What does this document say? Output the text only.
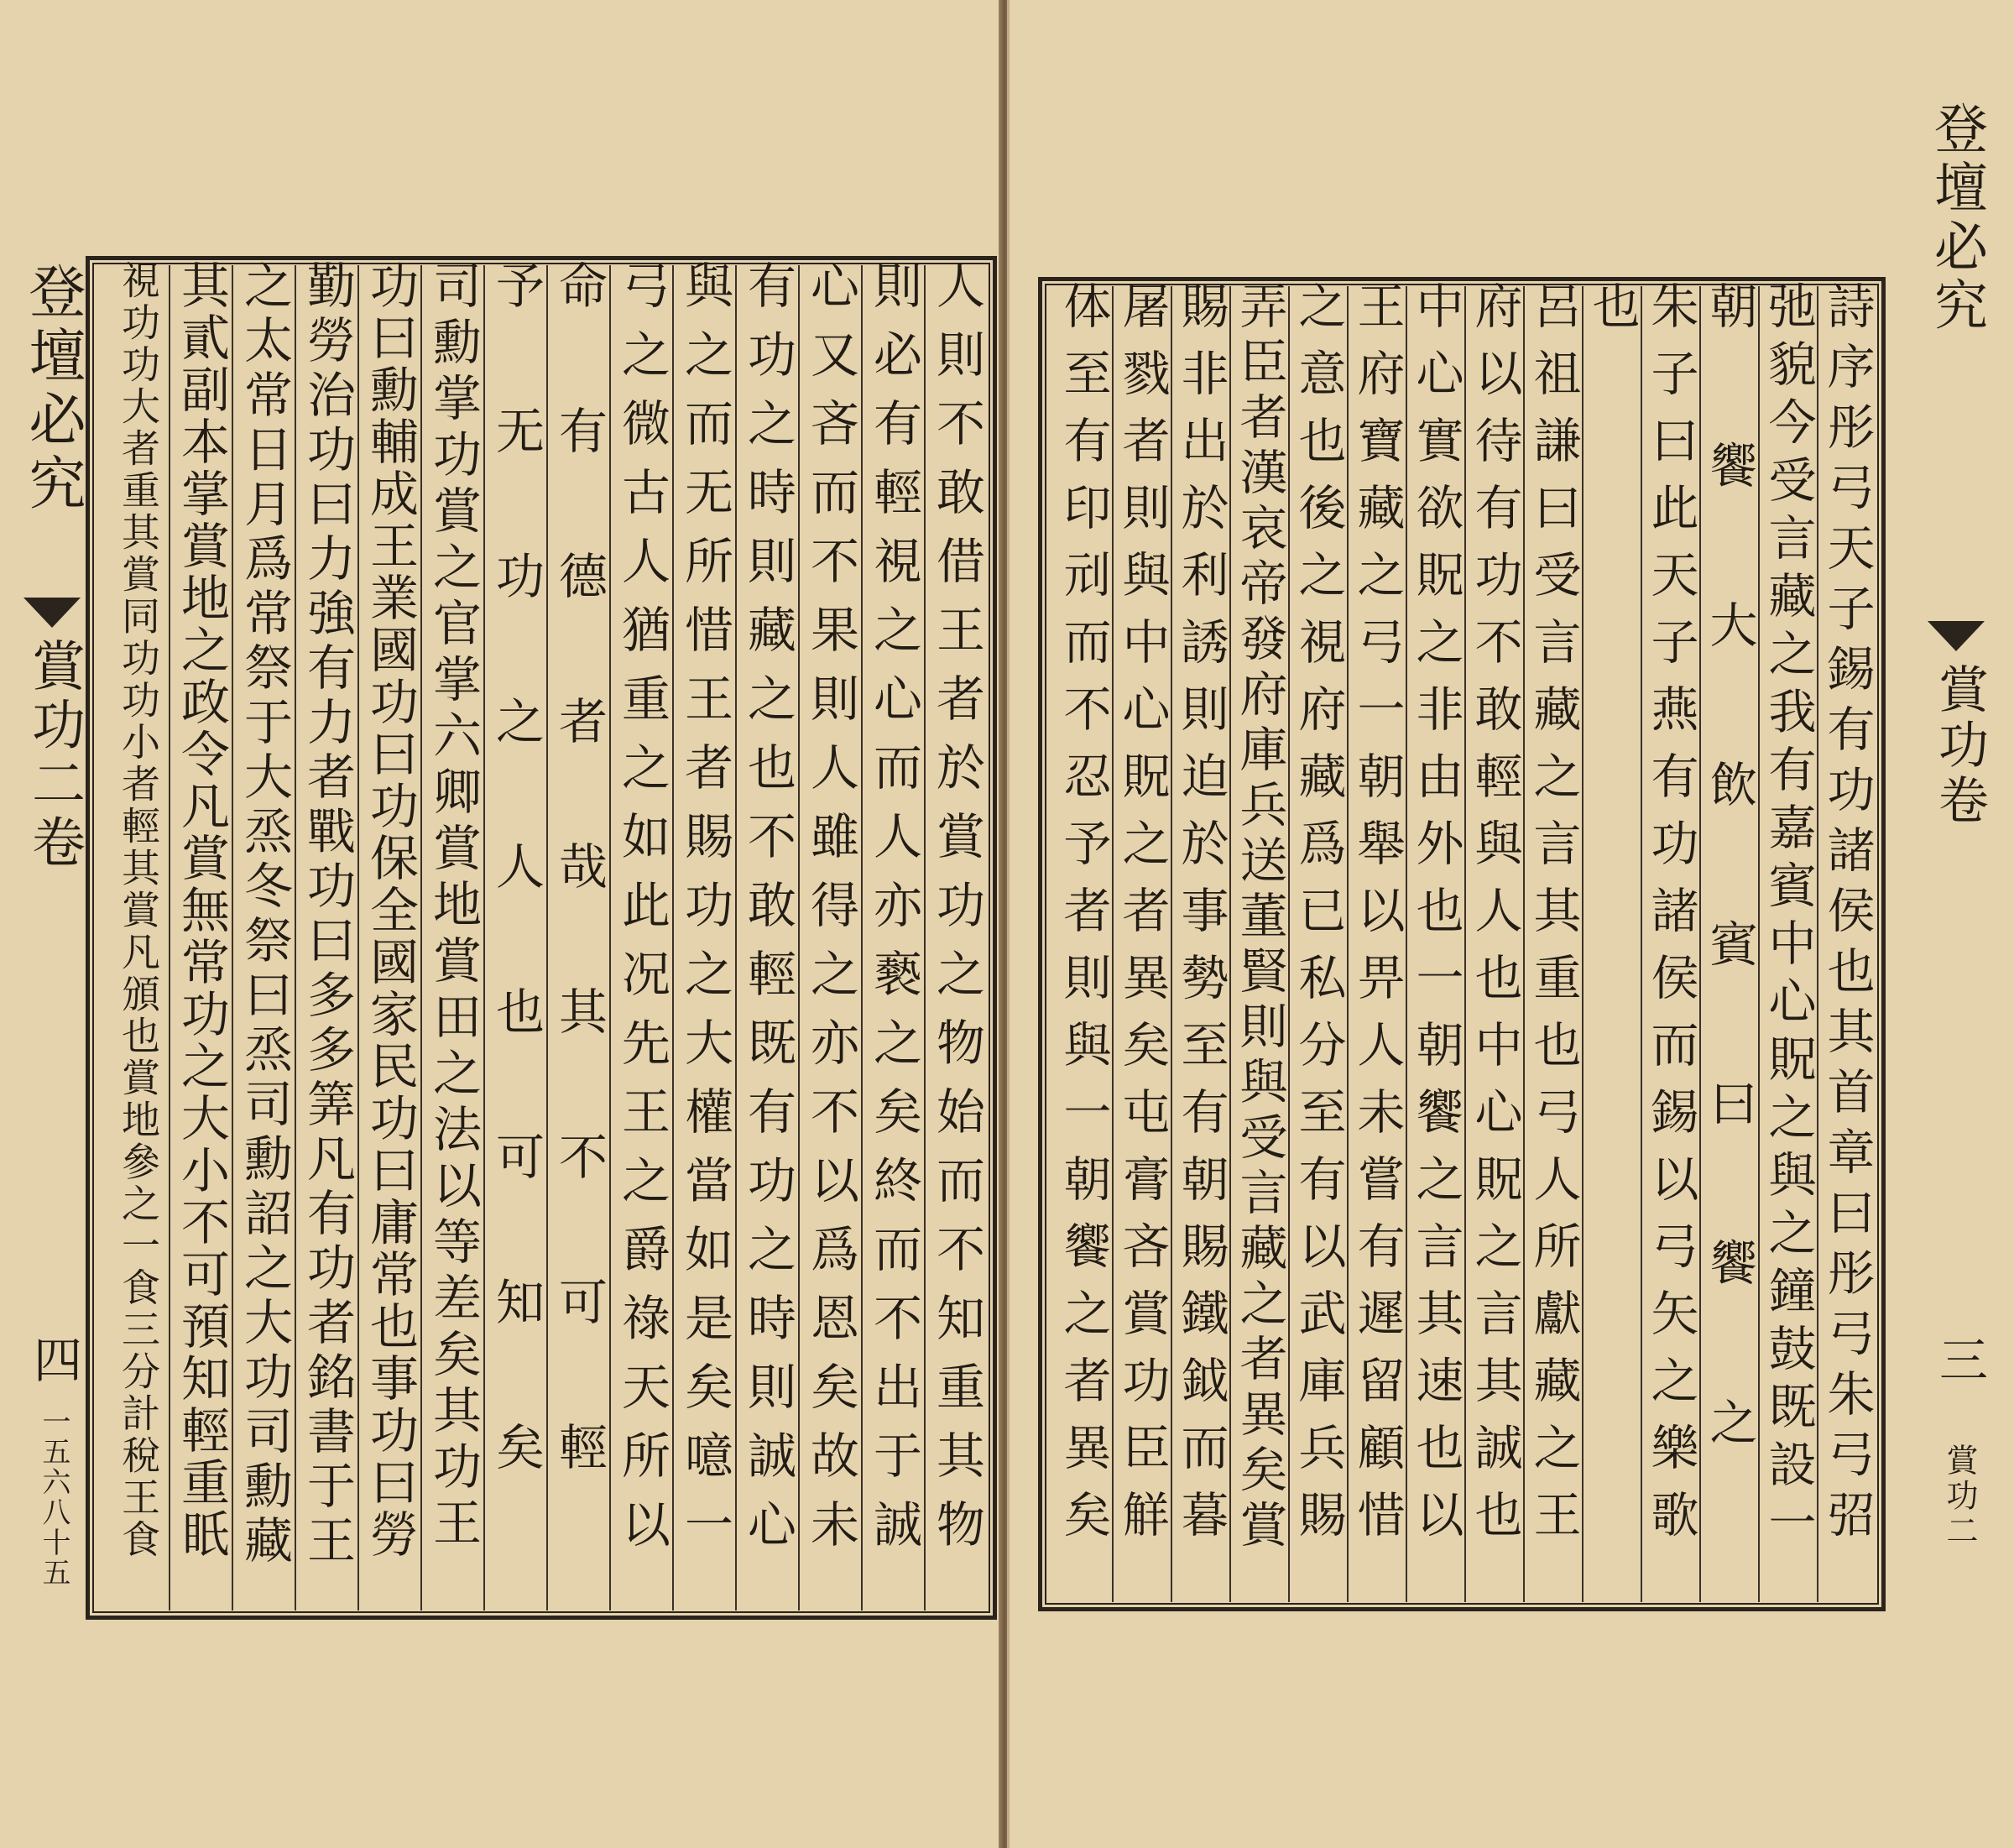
登壇必究
賞功二卷
四
一五六八十五	人則不敢借王者於賞功之物始而不知重其物
則必有輕視之心而人亦褻之矣終而不出于誠
心又吝而不果則人雖得之亦不以爲恩矣故未
有功之時則藏之也不敢輕既有功之時則誠心
與之而无所惜王者賜功之大權當如是矣噫一
弓之微古人猶重之如此况先王之爵祿天所以
命有德者哉其不可輕
予无功之人也可知矣
司勳掌功賞之官掌六卿賞地賞田之法以等差矣其功王
功曰勳輔成王業國功曰功保全國家民功曰庸常也事功曰勞
勤勞治功曰力強有力者戰功曰多多筭凡有功者銘書于王
之太常日月爲常祭于大烝冬祭曰烝司勳詔之大功司勳藏
其貳副本掌賞地之政令凡賞無常功之大小不可預知輕重眂
視功功大者重其賞同功功小者輕其賞凡頒也賞地參之一食三分計稅王食	詩序彤弓天子錫有功諸侯也其首章曰彤弓朱弓弨
弛貌今受言藏之我有嘉賓中心貺之與之鐘鼓既設一
朝饗大飲賓曰饗之
朱子曰此天子燕有功諸侯而錫以弓矢之樂歌
也
呂祖謙曰受言藏之言其重也弓人所獻藏之王
府以待有功不敢輕與人也中心貺之言其誠也
中心實欲貺之非由外也一朝饗之言其速也以
王府寶藏之弓一朝舉以畀人未嘗有遲留顧惜
之意也後之視府藏爲已私分至有以武庫兵賜
弄臣者漢哀帝發府庫兵送董賢則與受言藏之者異矣賞
賜非出於利誘則迫於事勢至有朝賜鐵鉞而暮
屠戮者則與中心貺之者異矣屯膏吝賞功臣觧
体至有印刓而不忍予者則與一朝饗之者異矣
登壇必究
賞功卷
三
賞功二
